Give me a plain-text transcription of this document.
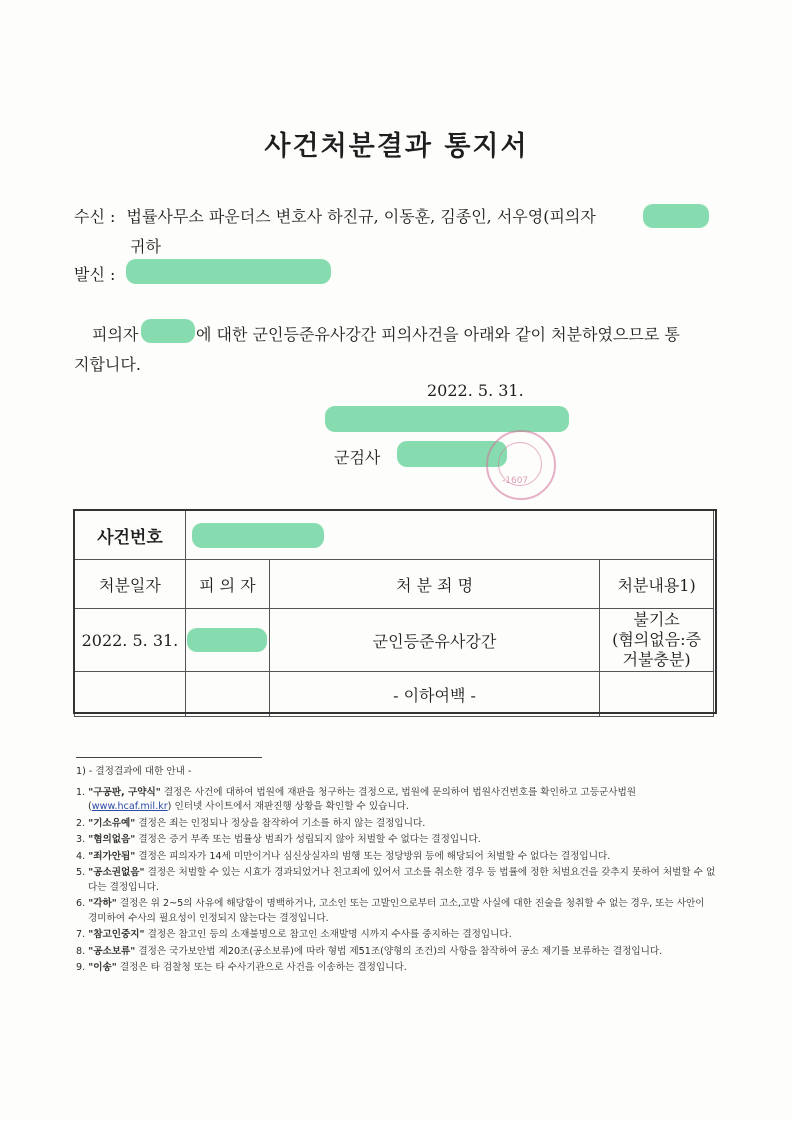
사건처분결과 통지서
수신 : 법률사무소 파운더스 변호사 하진규, 이동훈, 김종인, 서우영(피의자
귀하
발신 :
피의자	에 대한 군인등준유사강간 피의사건을 아래와 같이 처분하였으므로 통
지합니다.
2022. 5. 31.
군검사
-1607
사건번호			
처분일자	피 의 자	처 분 죄 명	처분내용1)
2022. 5. 31.		군인등준유사강간	불기소
(혐의없음:증
거불충분)

		- 이하여백 -	

1) - 결정결과에 대한 안내 -

1. "구공판, 구약식" 결정은 사건에 대하여 법원에 재판을 청구하는 결정으로, 법원에 문의하여 법원사건번호를 확인하고 고등군사법원(www.hcaf.mil.kr) 인터넷 사이트에서 재판진행 상황을 확인할 수 있습니다.

2. "기소유예" 결정은 죄는 인정되나 정상을 참작하여 기소를 하지 않는 결정입니다.

3. "혐의없음" 결정은 증거 부족 또는 법률상 범죄가 성립되지 않아 처벌할 수 없다는 결정입니다.

4. "죄가안됨" 결정은 피의자가 14세 미만이거나 심신상실자의 범행 또는 정당방위 등에 해당되어 처벌할 수 없다는 결정입니다.

5. "공소권없음" 결정은 처벌할 수 있는 시효가 경과되었거나 친고죄에 있어서 고소를 취소한 경우 등 법률에 정한 처벌요건을 갖추지 못하여 처벌할 수 없다는 결정입니다.

6. "각하" 결정은 위 2~5의 사유에 해당함이 명백하거나, 고소인 또는 고발인으로부터 고소,고발 사실에 대한 진술을 청취할 수 없는 경우, 또는 사안이 경미하여 수사의 필요성이 인정되지 않는다는 결정입니다.

7. "참고인중지" 결정은 참고인 등의 소재불명으로 참고인 소재발명 시까지 수사를 중지하는 결정입니다.

8. "공소보류" 결정은 국가보안법 제20조(공소보류)에 따라 형법 제51조(양형의 조건)의 사항을 참작하여 공소 제기를 보류하는 결정입니다.

9. "이송" 결정은 타 검찰청 또는 타 수사기관으로 사건을 이송하는 결정입니다.
